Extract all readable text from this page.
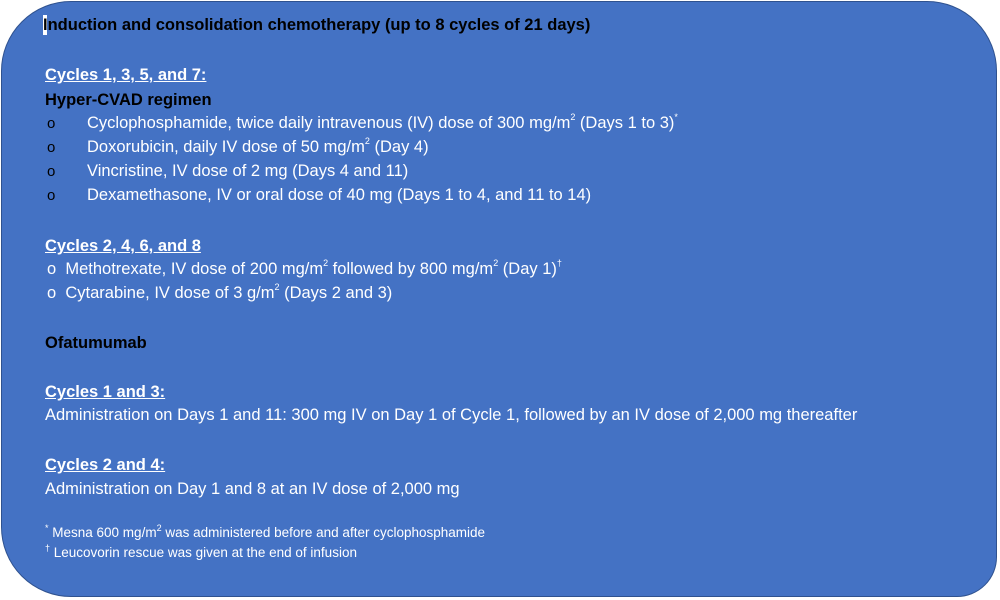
Induction and consolidation chemotherapy (up to 8 cycles of 21 days)
Cycles 1, 3, 5, and 7:
Hyper-CVAD regimen
o Cyclophosphamide, twice daily intravenous (IV) dose of 300 $mg/m^2$ (Days 1 to 3)*
o Doxorubicin, daily IV dose of 50 $mg/m^2$ (Day 4)
o Vincristine, IV dose of 2 mg (Days 4 and 11)
o Dexamethasone, IV or oral dose of 40 mg (Days 1 to 4, and 11 to 14)
Cycles 2, 4, 6, and 8
o Methotrexate, IV dose of 200 $mg/m^2$ followed by 800 $mg/m^2$ (Day 1)†
o Cytarabine, IV dose of 3 $g/m^2$ (Days 2 and 3)
Ofatumumab
Cycles 1 and 3:
Administration on Days 1 and 11: 300 mg IV on Day 1 of Cycle 1, followed by an IV dose of 2,000 mg thereafter
Cycles 2 and 4:
Administration on Day 1 and 8 at an IV dose of 2,000 mg
* Mesna 600 $mg/m^2$ was administered before and after cyclophosphamide
† Leucovorin rescue was given at the end of infusion
